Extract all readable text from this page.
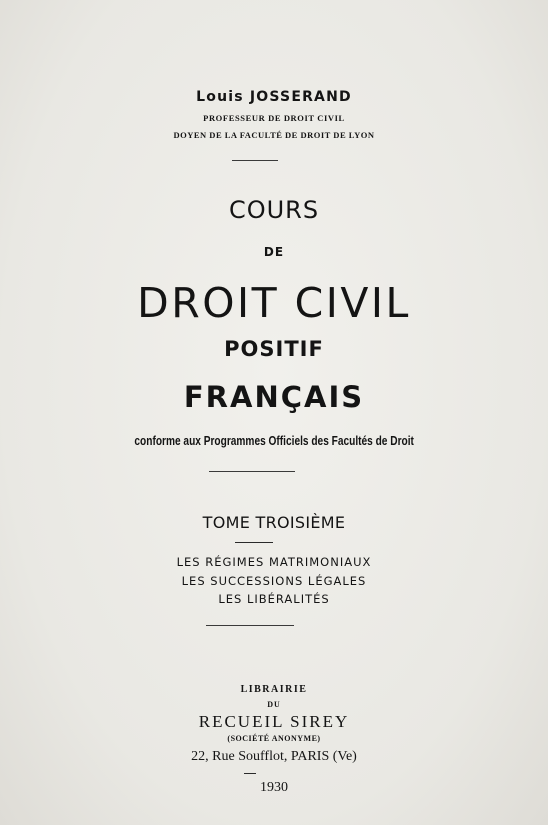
Louis JOSSERAND
PROFESSEUR DE DROIT CIVIL
DOYEN DE LA FACULTÉ DE DROIT DE LYON
COURS
DE
DROIT CIVIL
POSITIF
FRANÇAIS
conforme aux Programmes Officiels des Facultés de Droit
TOME TROISIÈME
LES RÉGIMES MATRIMONIAUX
LES SUCCESSIONS LÉGALES
LES LIBÉRALITÉS
LIBRAIRIE
DU
RECUEIL SIREY
(SOCIÉTÉ ANONYME)
22, Rue Soufflot, PARIS (Ve)
1930
